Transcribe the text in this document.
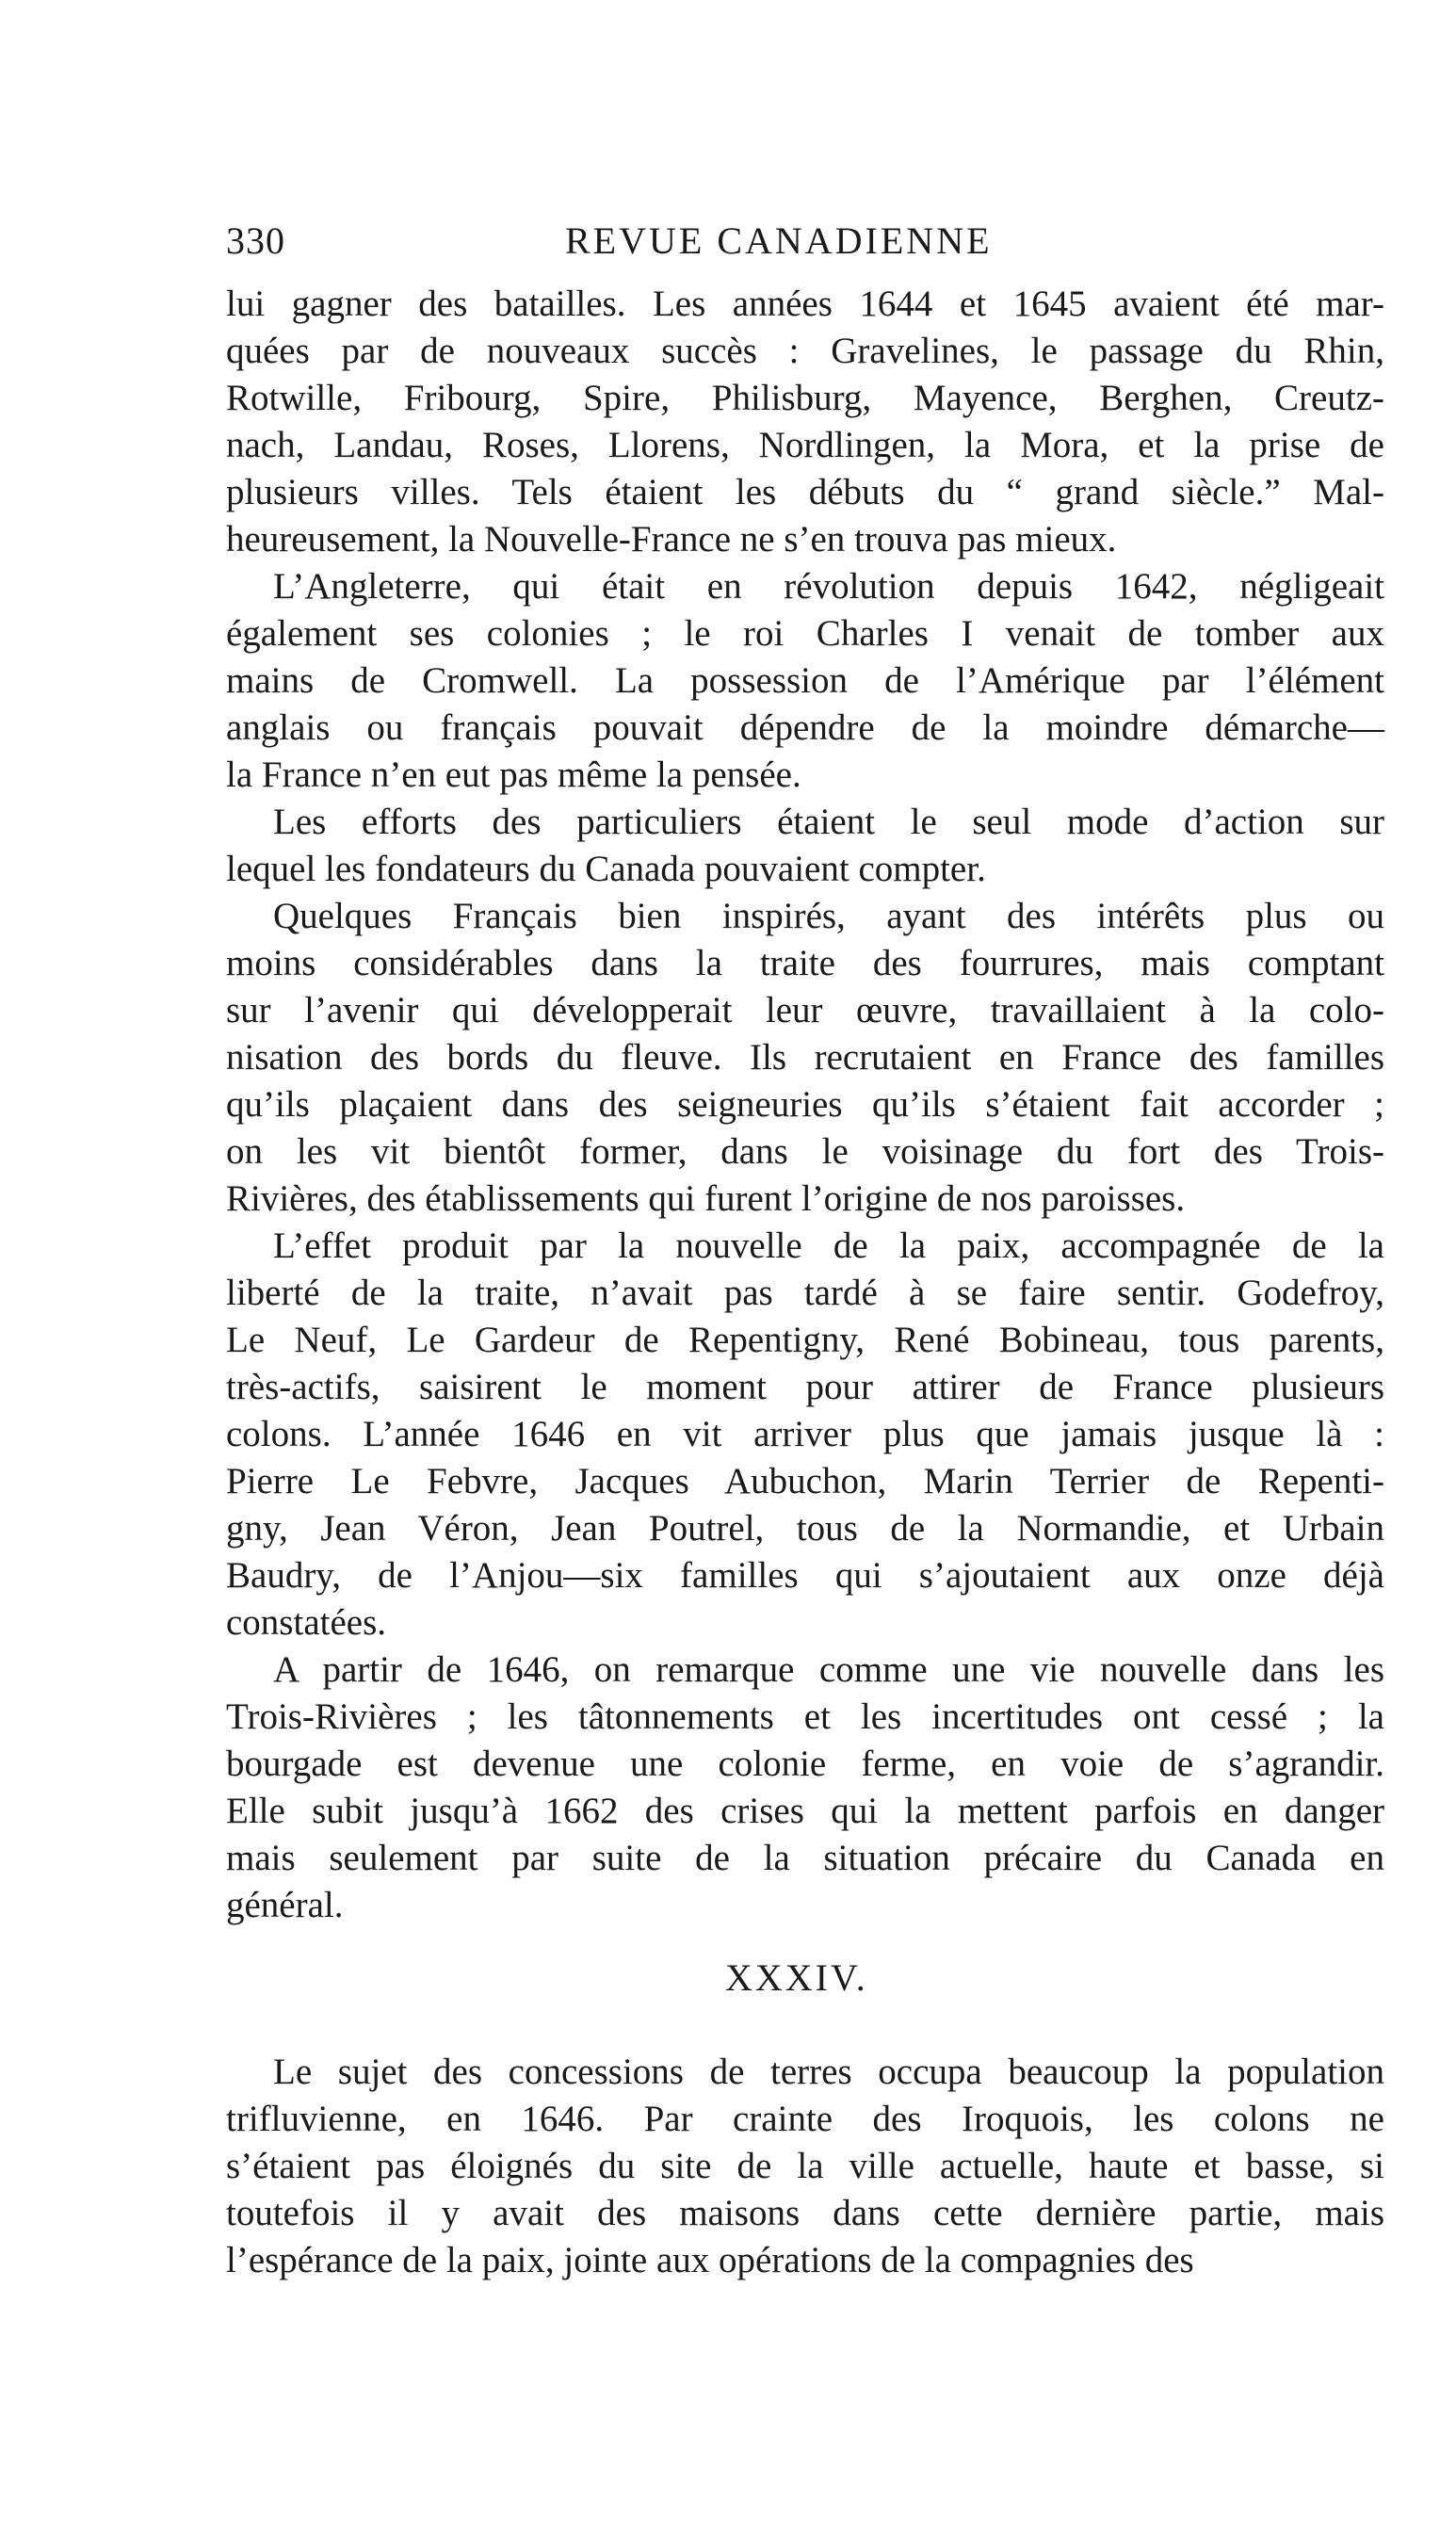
330	REVUE CANADIENNE
lui gagner des batailles. Les années 1644 et 1645 avaient été mar-
quées par de nouveaux succès : Gravelines, le passage du Rhin,
Rotwille, Fribourg, Spire, Philisburg, Mayence, Berghen, Creutz-
nach, Landau, Roses, Llorens, Nordlingen, la Mora, et la prise de
plusieurs villes. Tels étaient les débuts du “ grand siècle.” Mal-
heureusement, la Nouvelle-France ne s’en trouva pas mieux.
L’Angleterre, qui était en révolution depuis 1642, négligeait
également ses colonies ; le roi Charles I venait de tomber aux
mains de Cromwell. La possession de l’Amérique par l’élément
anglais ou français pouvait dépendre de la moindre démarche—
la France n’en eut pas même la pensée.
Les efforts des particuliers étaient le seul mode d’action sur
lequel les fondateurs du Canada pouvaient compter.
Quelques Français bien inspirés, ayant des intérêts plus ou
moins considérables dans la traite des fourrures, mais comptant
sur l’avenir qui développerait leur œuvre, travaillaient à la colo-
nisation des bords du fleuve. Ils recrutaient en France des familles
qu’ils plaçaient dans des seigneuries qu’ils s’étaient fait accorder ;
on les vit bientôt former, dans le voisinage du fort des Trois-
Rivières, des établissements qui furent l’origine de nos paroisses.
L’effet produit par la nouvelle de la paix, accompagnée de la
liberté de la traite, n’avait pas tardé à se faire sentir. Godefroy,
Le Neuf, Le Gardeur de Repentigny, René Bobineau, tous parents,
très-actifs, saisirent le moment pour attirer de France plusieurs
colons. L’année 1646 en vit arriver plus que jamais jusque là :
Pierre Le Febvre, Jacques Aubuchon, Marin Terrier de Repenti-
gny, Jean Véron, Jean Poutrel, tous de la Normandie, et Urbain
Baudry, de l’Anjou—six familles qui s’ajoutaient aux onze déjà
constatées.
A partir de 1646, on remarque comme une vie nouvelle dans les
Trois-Rivières ; les tâtonnements et les incertitudes ont cessé ; la
bourgade est devenue une colonie ferme, en voie de s’agrandir.
Elle subit jusqu’à 1662 des crises qui la mettent parfois en danger
mais seulement par suite de la situation précaire du Canada en
général.
XXXIV.
Le sujet des concessions de terres occupa beaucoup la population
trifluvienne, en 1646. Par crainte des Iroquois, les colons ne
s’étaient pas éloignés du site de la ville actuelle, haute et basse, si
toutefois il y avait des maisons dans cette dernière partie, mais
l’espérance de la paix, jointe aux opérations de la compagnies des
